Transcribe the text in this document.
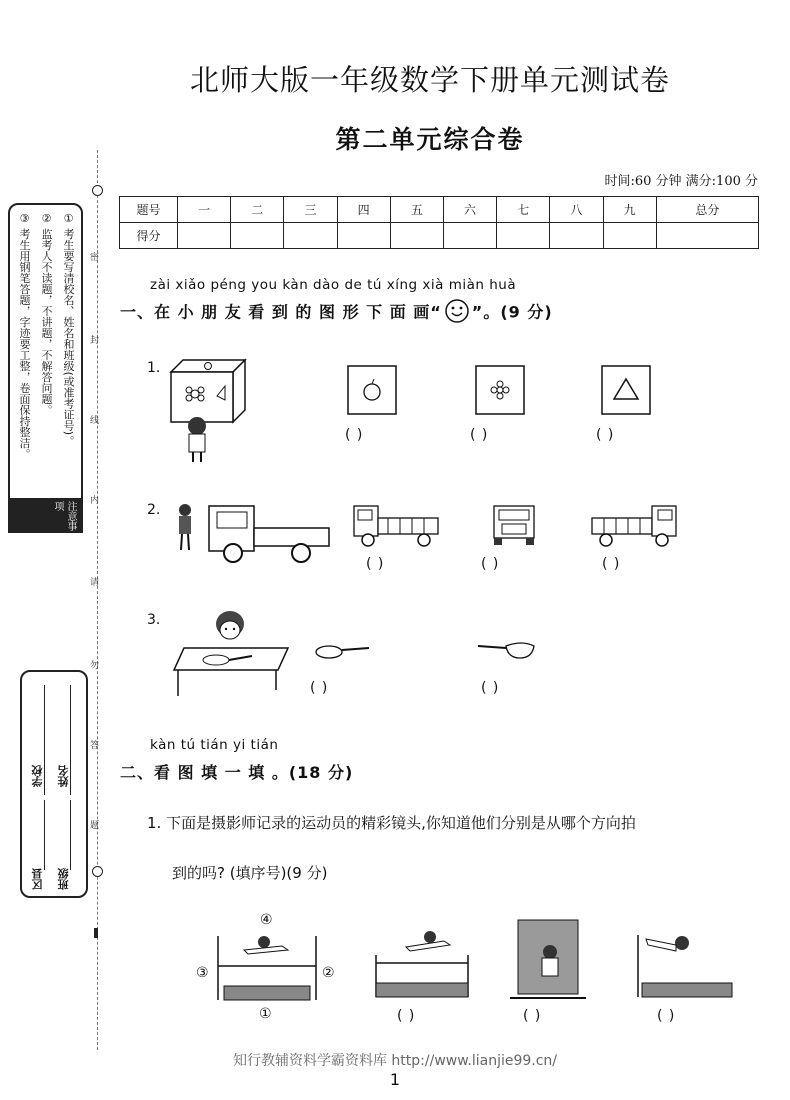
密
封
线
内
请
勿
答
题
注意事项
① 考生要写清校名、姓名和班级(或准考证号)。
② 监考人不读题，不讲题，不解答问题。
③ 考生用钢笔答题，字迹要工整，卷面保持整洁。
学校 姓名
区县 班级
北师大版一年级数学下册单元测试卷
第二单元综合卷
时间:60 分钟 满分:100 分
题号	一	二	三	四	五	六	七	八	九	总分
得分										
zài xiǎo péng you kàn dào de tú xíng xià miàn huà
一、在 小 朋 友 看 到 的 图 形 下 面 画“ ”。(9 分)
1.
( )	( )	( )
2.
( )	( )	( )
3.
( )	( )
kàn tú tián yi tián
二、看 图 填 一 填 。(18 分)
1. 下面是摄影师记录的运动员的精彩镜头,你知道他们分别是从哪个方向拍
到的吗? (填序号)(9 分)
④
③	②
①	( )	( )	( )
知行教辅资料学霸资料库 http://www.lianjie99.cn/
1
